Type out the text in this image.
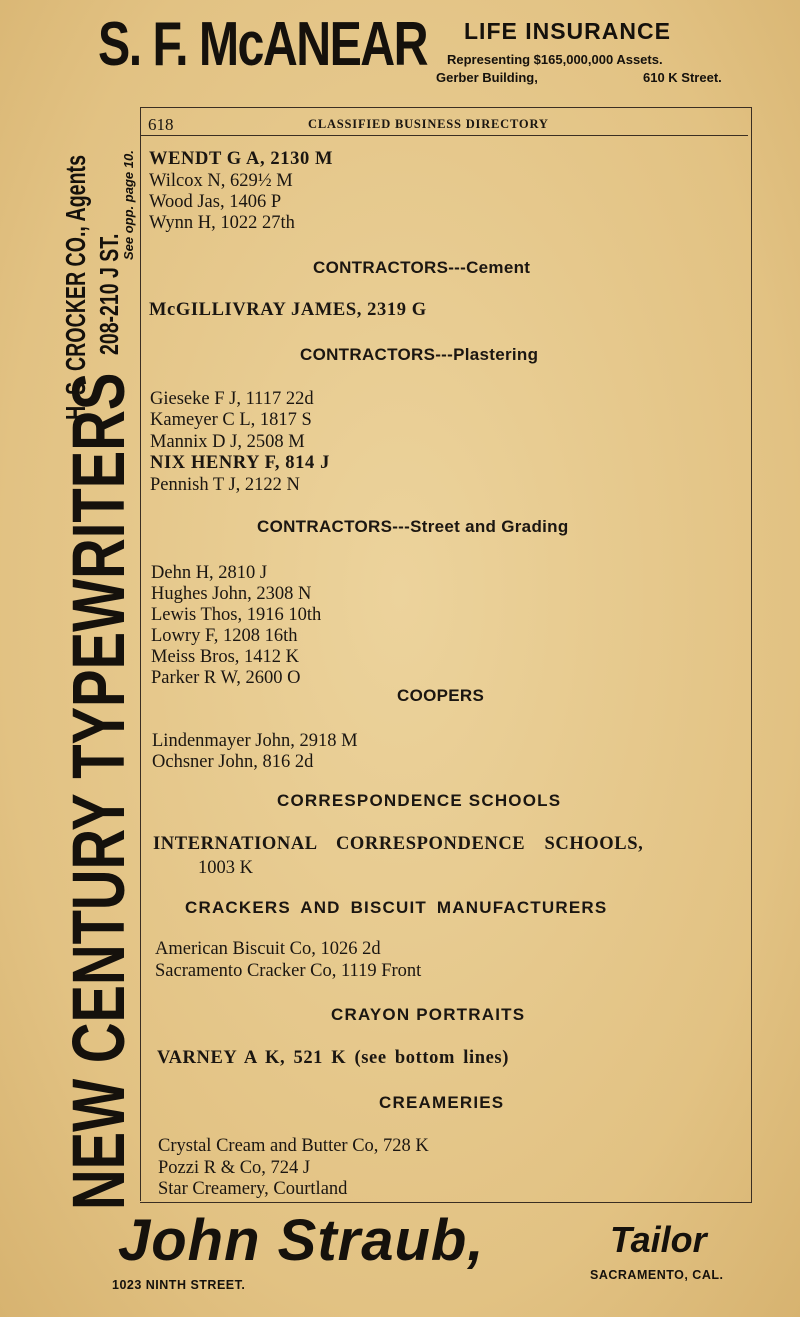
S. F. McANEAR LIFE INSURANCE
Representing $165,000,000 Assets.
Gerber Building,	610 K Street.
NEW CENTURY TYPEWRITERS
H. S. CROCKER CO., Agents 208-210 J ST.
See opp. page 10.
618	CLASSIFIED BUSINESS DIRECTORY
WENDT G A, 2130 M
Wilcox N, 629½ M
Wood Jas, 1406 P
Wynn H, 1022 27th
CONTRACTORS---Cement
McGILLIVRAY JAMES, 2319 G
CONTRACTORS---Plastering
Gieseke F J, 1117 22d
Kameyer C L, 1817 S
Mannix D J, 2508 M
NIX HENRY F, 814 J
Pennish T J, 2122 N
CONTRACTORS---Street and Grading
Dehn H, 2810 J
Hughes John, 2308 N
Lewis Thos, 1916 10th
Lowry F, 1208 16th
Meiss Bros, 1412 K
Parker R W, 2600 O
COOPERS
Lindenmayer John, 2918 M
Ochsner John, 816 2d
CORRESPONDENCE SCHOOLS
INTERNATIONAL CORRESPONDENCE SCHOOLS,
1003 K
CRACKERS AND BISCUIT MANUFACTURERS
American Biscuit Co, 1026 2d
Sacramento Cracker Co, 1119 Front
CRAYON PORTRAITS
VARNEY A K, 521 K (see bottom lines)
CREAMERIES
Crystal Cream and Butter Co, 728 K
Pozzi R & Co, 724 J
Star Creamery, Courtland
John Straub,	Tailor
1023 NINTH STREET.
SACRAMENTO, CAL.
